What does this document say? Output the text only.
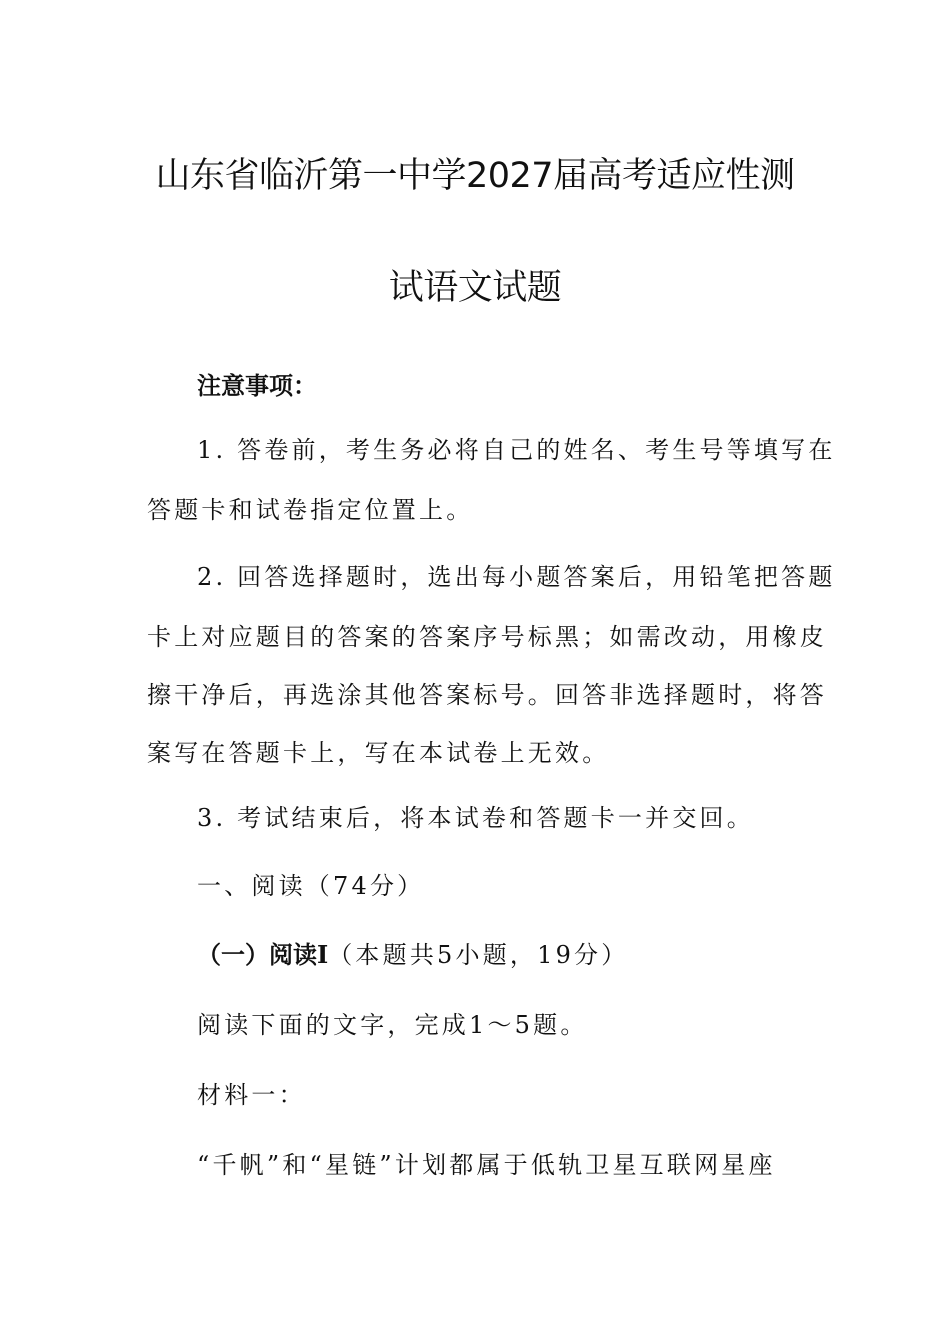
山东省临沂第一中学2027届高考适应性测
试语文试题
注意事项：
1. 答卷前，考生务必将自己的姓名、考生号等填写在
答题卡和试卷指定位置上。
2. 回答选择题时，选出每小题答案后，用铅笔把答题
卡上对应题目的答案的答案序号标黑；如需改动，用橡皮
擦干净后，再选涂其他答案标号。回答非选择题时，将答
案写在答题卡上，写在本试卷上无效。
3. 考试结束后，将本试卷和答题卡一并交回。
一、阅读（74分）
（一）阅读Ⅰ（本题共5小题，19分）
阅读下面的文字，完成1～5题。
材料一：
“千帆”和“星链”计划都属于低轨卫星互联网星座
